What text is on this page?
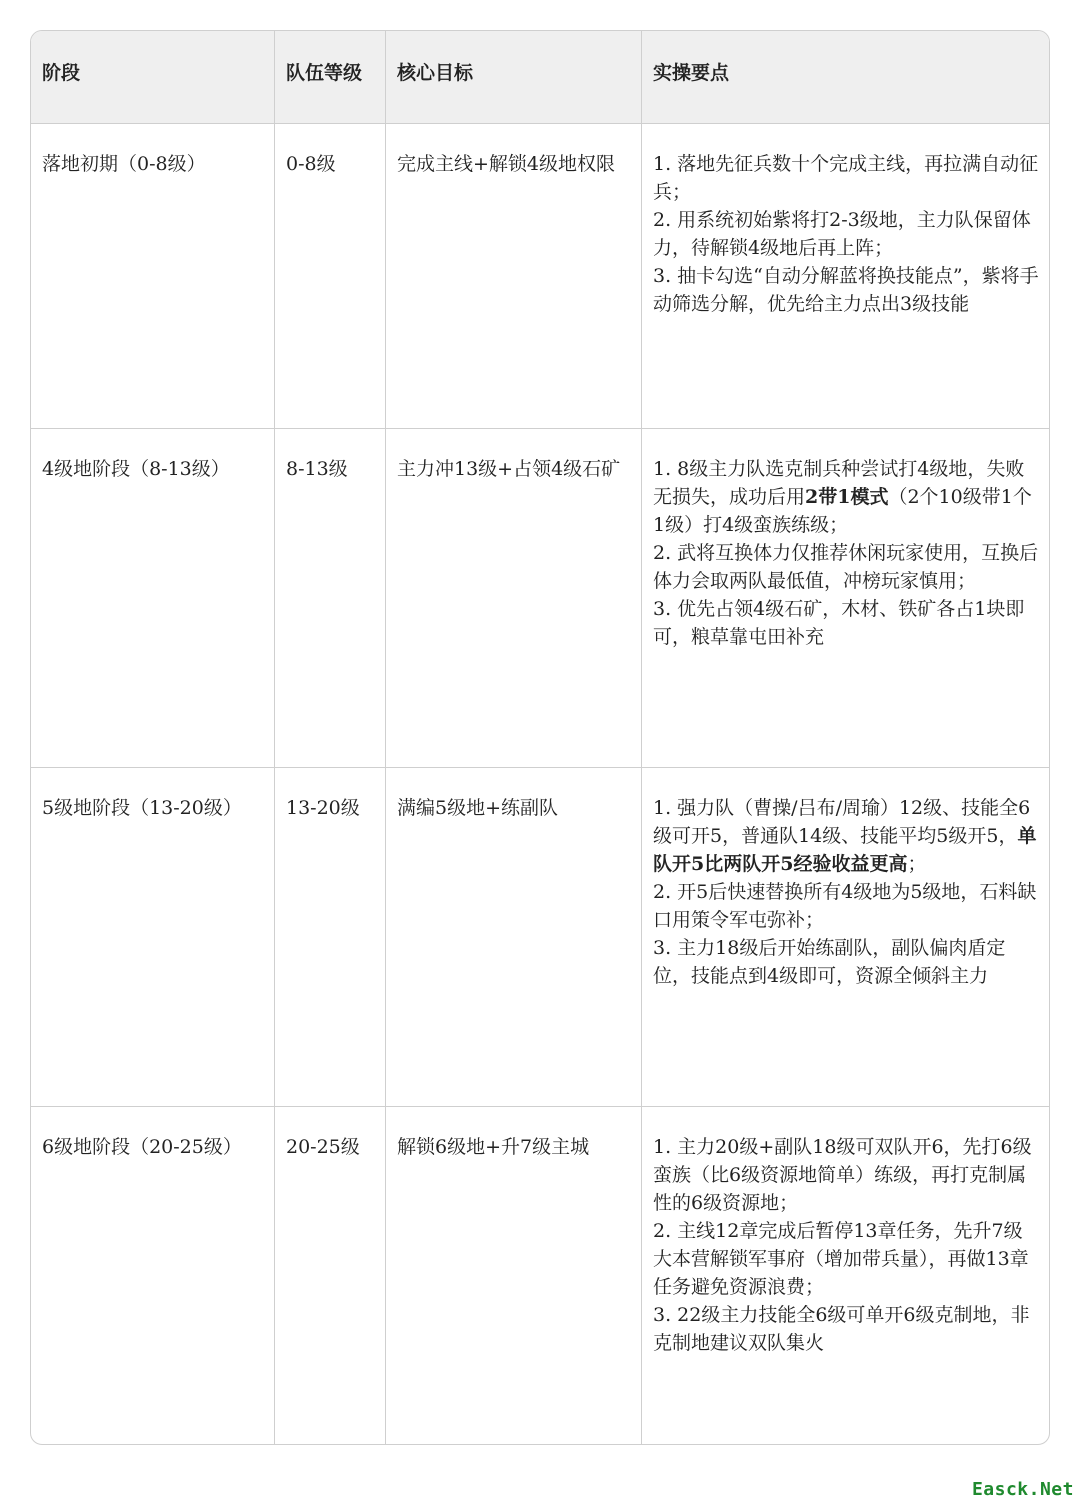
阶段	队伍等级	核心目标	实操要点
落地初期（0-8级）	0-8级	完成主线+解锁4级地权限	1. 落地先征兵数十个完成主线，再拉满自动征兵；
2. 用系统初始紫将打2-3级地，主力队保留体力，待解锁4级地后再上阵；
3. 抽卡勾选“自动分解蓝将换技能点”，紫将手动筛选分解，优先给主力点出3级技能
4级地阶段（8-13级）	8-13级	主力冲13级+占领4级石矿	1. 8级主力队选克制兵种尝试打4级地，失败无损失，成功后用2带1模式（2个10级带1个1级）打4级蛮族练级；
2. 武将互换体力仅推荐休闲玩家使用，互换后体力会取两队最低值，冲榜玩家慎用；
3. 优先占领4级石矿，木材、铁矿各占1块即可，粮草靠屯田补充
5级地阶段（13-20级）	13-20级	满编5级地+练副队	1. 强力队（曹操/吕布/周瑜）12级、技能全6级可开5，普通队14级、技能平均5级开5，单队开5比两队开5经验收益更高；
2. 开5后快速替换所有4级地为5级地，石料缺口用策令军屯弥补；
3. 主力18级后开始练副队，副队偏肉盾定位，技能点到4级即可，资源全倾斜主力
6级地阶段（20-25级）	20-25级	解锁6级地+升7级主城	1. 主力20级+副队18级可双队开6，先打6级蛮族（比6级资源地简单）练级，再打克制属性的6级资源地；
2. 主线12章完成后暂停13章任务，先升7级大本营解锁军事府（增加带兵量），再做13章任务避免资源浪费；
3. 22级主力技能全6级可单开6级克制地，非克制地建议双队集火
Easck.Net
